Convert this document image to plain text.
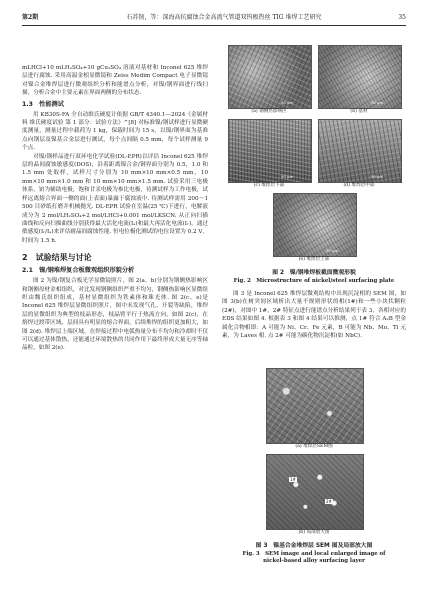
第2期	石苏韧，等：深海高抗腐蚀合金高流气管道双钨极热丝 TIG 堆焊工艺研究	35

mLHCl+10 mLH₂SO₄+10 gCu₂SO₄ 溶液对基材和 Inconel 625 堆焊层进行腐蚀. 采用高温金相显微镜和 Zeiss Medim Compact 电子显微镜对镍合金堆焊层进行微观组织分析和能谱点分析，对镍/钢界面进行线扫描，分析合金中主要元素在界面两侧的分布状态.

1.3　性能测试

用 KB30S-FA 全自动维氏硬度计依据 GB/T 4340.1—2024《金属材料 维氏硬度试验 第 1 部分：试验方法》^[8] 对标准镍/钢试样进行显微硬度测量，测量过程中载荷为 1 kg，保载时间为 15 s，以镍/钢界面为基准点向钢层及镍基合金层进行测试，每个点间隔 0.5 mm，每个试样测量 9 个点.

对镍/钢样品进行双环电化学试验(DL-EPR)以评估 Inconel 625 堆焊层的晶间腐蚀敏感度(DOS)，沿着距离镍合金/钢界面分别为 0.5，1.0 和 1.5 mm 处取样，试样尺寸分别为 10 mm×10 mm×0.5 mm，10 mm×10 mm×1.0 mm 和 10 mm×10 mm×1.5 mm. 试验采用三电极体系，铂为辅助电极，饱和甘汞电极为参比电极，待测试样为工作电极，试样远离熔合界面一侧的面(上表面)暴露于腐蚀液中. 待测试样需用 200～1 500 目砂纸打磨并机械抛光. DL-EPR 试验在室温(25 ℃)下进行，电解液成分为 2 mol/LH₂SO₄+2 mol/LHCl+0.001 mol/LKSCN. 从正向扫描曲线和反向扫描曲线分别获得最大活化电流(Iₐ)和最大再活化电流(Iᵣ)，通过敏感度(Iᵣ/Iₐ)来评估耐晶间腐蚀性能. 恒电位极化测试的电位设置为 0.2 V，时间为 1.5 h.

2　试验结果与讨论
2.1　镍/钢堆焊复合板微观组织形貌分析

图 2 为镍/钢复合板光学显微镜照片，图 2(a、b)分别为钢侧热影响区和钢侧母材金相组织，对比发现钢侧组织严重不均匀，钢侧热影响区显微组织由魏氏组织组成，基材显微组织为铁素体和珠光体. 图 2(c、e)是 Inconel 625 堆焊层显微组织照片，图中未发现气孔、开裂等缺陷，堆焊层的显微组织为典型的枝晶形态，枝晶臂平行于热流方向，如图 2(c)，在熔焊过渡带区域，层间具有明显的熔合界面，后续堆焊的组织更加粗大，如图 2(d). 堆焊层上端区域，在焊接过程中电弧热量分布不均匀和冷却时不仅可以通过基体散热，还能通过环境散热的共同作用下最终形成大量无序等轴晶粒，如图 2(e).

50 μm
(a) 钢侧热影响区
50 μm
(b) 基材
50 μm
(c) 堆焊层下部
50 μm
(d) 堆焊层中部
50 μm
(e) 堆焊层上部
图 2　镍/钢堆焊板截面微观形貌
Fig. 2　Microstructure of nickel/steel surfacing plate

图 3 是 Inconel 625 堆焊层微观结构中出现沉淀相的 SEM 图，如图 3(b)在树突间区域析出大量不规则形状的相(1#)和一些小块状颗粒(2#)，对图中 1#，2# 特征点进行能谱点分析结果列于表 3，各相对应的 EDS 结果如图 4. 根据表 3 和图 4 结果可以推测，点 1# 符合 A₂B 型金属化合物相即：A 可能为 Ni、Cr、Fe 元素，B 可能为 Nb、Mo、Ti 元素，为 Laves 相. 点 2# 可能为碳化物沉淀相(如 NbC).

(a) 堆焊层SEM图
1#
2#
(b) 局部放大图
图 3　镍基合金堆焊层 SEM 图及局部放大图
Fig. 3　SEM image and local enlarged image of
nickel-based alloy surfacing layer
